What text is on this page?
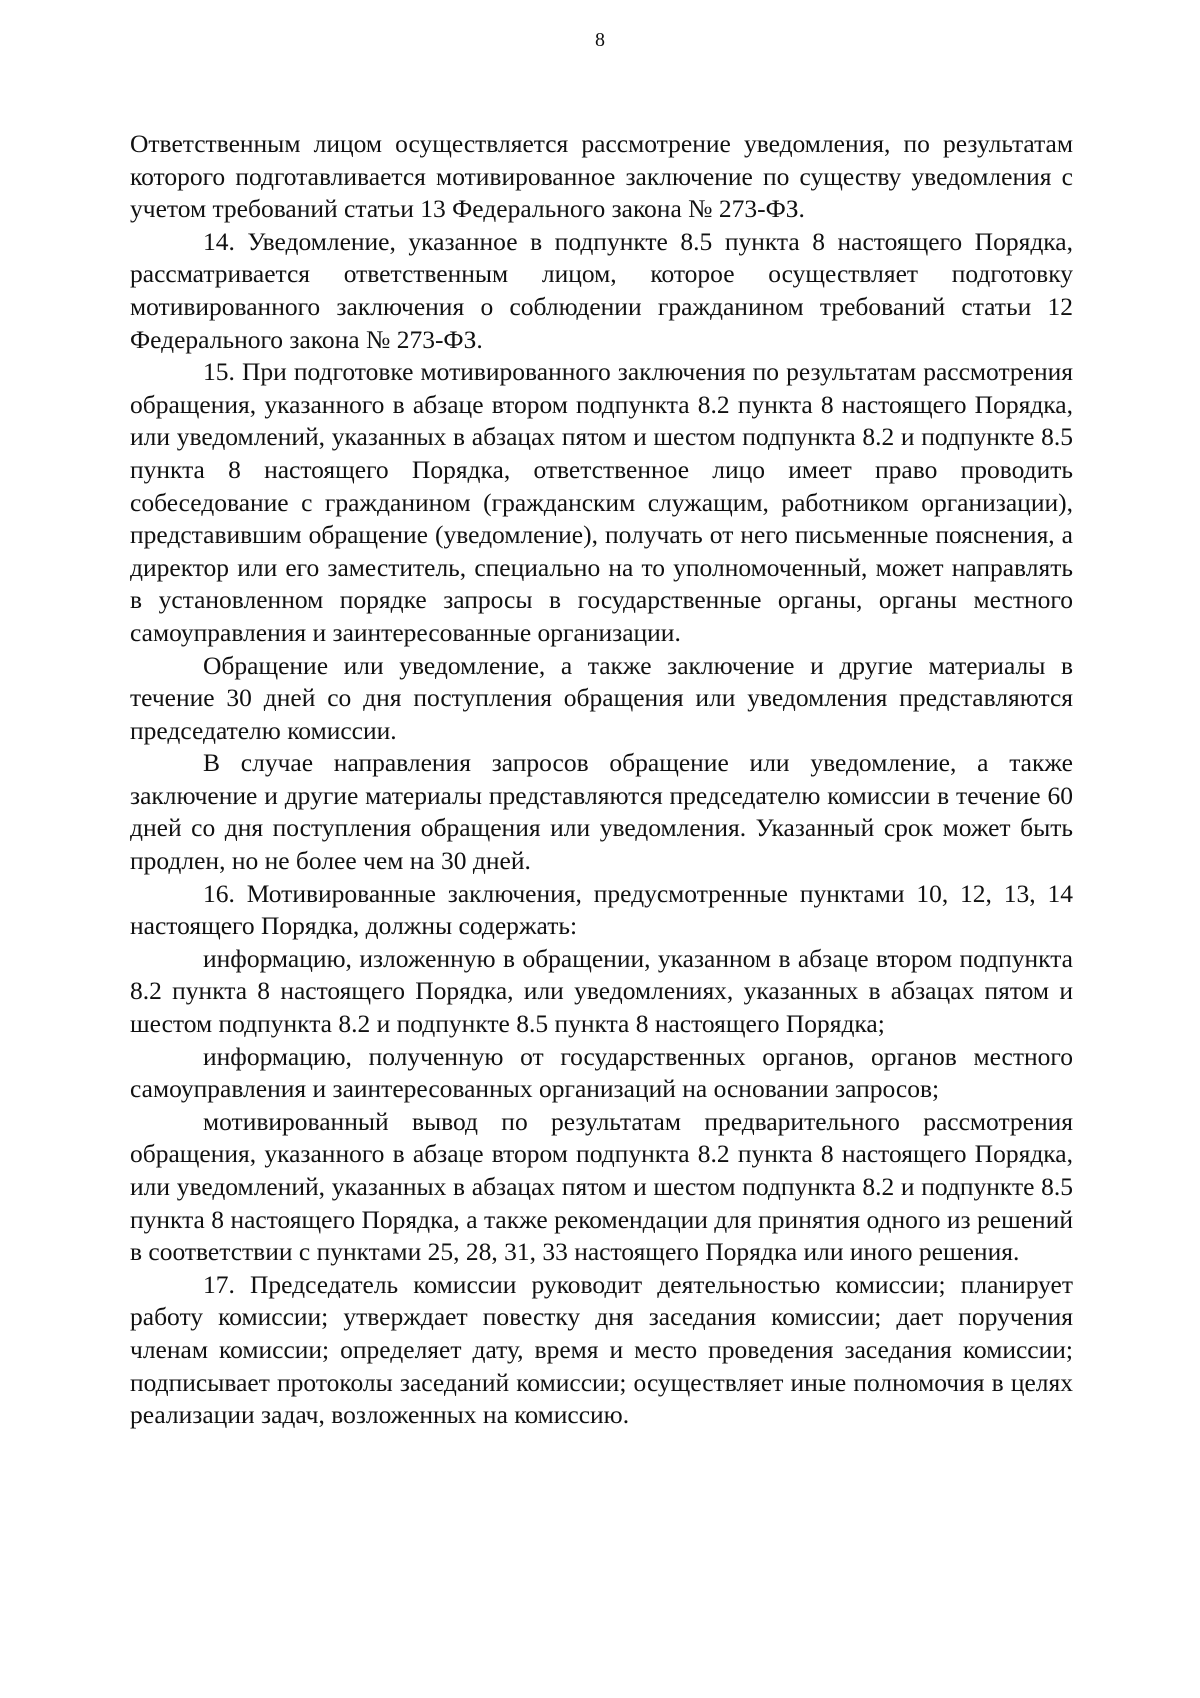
8

Ответственным лицом осуществляется рассмотрение уведомления, по результатам которого подготавливается мотивированное заключение по существу уведомления с учетом требований статьи 13 Федерального закона № 273-ФЗ.

14. Уведомление, указанное в подпункте 8.5 пункта 8 настоящего Порядка, рассматривается ответственным лицом, которое осуществляет подготовку мотивированного заключения о соблюдении гражданином требований статьи 12 Федерального закона № 273-ФЗ.

15. При подготовке мотивированного заключения по результатам рассмотрения обращения, указанного в абзаце втором подпункта 8.2 пункта 8 настоящего Порядка, или уведомлений, указанных в абзацах пятом и шестом подпункта 8.2 и подпункте 8.5 пункта 8 настоящего Порядка, ответственное лицо имеет право проводить собеседование с гражданином (гражданским служащим, работником организации), представившим обращение (уведомление), получать от него письменные пояснения, а директор или его заместитель, специально на то уполномоченный, может направлять в установленном порядке запросы в государственные органы, органы местного самоуправления и заинтересованные организации.

Обращение или уведомление, а также заключение и другие материалы в течение 30 дней со дня поступления обращения или уведомления представляются председателю комиссии.

В случае направления запросов обращение или уведомление, а также заключение и другие материалы представляются председателю комиссии в течение 60 дней со дня поступления обращения или уведомления. Указанный срок может быть продлен, но не более чем на 30 дней.

16. Мотивированные заключения, предусмотренные пунктами 10, 12, 13, 14 настоящего Порядка, должны содержать:

информацию, изложенную в обращении, указанном в абзаце втором подпункта 8.2 пункта 8 настоящего Порядка, или уведомлениях, указанных в абзацах пятом и шестом подпункта 8.2 и подпункте 8.5 пункта 8 настоящего Порядка;

информацию, полученную от государственных органов, органов местного самоуправления и заинтересованных организаций на основании запросов;

мотивированный вывод по результатам предварительного рассмотрения обращения, указанного в абзаце втором подпункта 8.2 пункта 8 настоящего Порядка, или уведомлений, указанных в абзацах пятом и шестом подпункта 8.2 и подпункте 8.5 пункта 8 настоящего Порядка, а также рекомендации для принятия одного из решений в соответствии с пунктами 25, 28, 31, 33 настоящего Порядка или иного решения.

17. Председатель комиссии руководит деятельностью комиссии; планирует работу комиссии; утверждает повестку дня заседания комиссии; дает поручения членам комиссии; определяет дату, время и место проведения заседания комиссии; подписывает протоколы заседаний комиссии; осуществляет иные полномочия в целях реализации задач, возложенных на комиссию.
